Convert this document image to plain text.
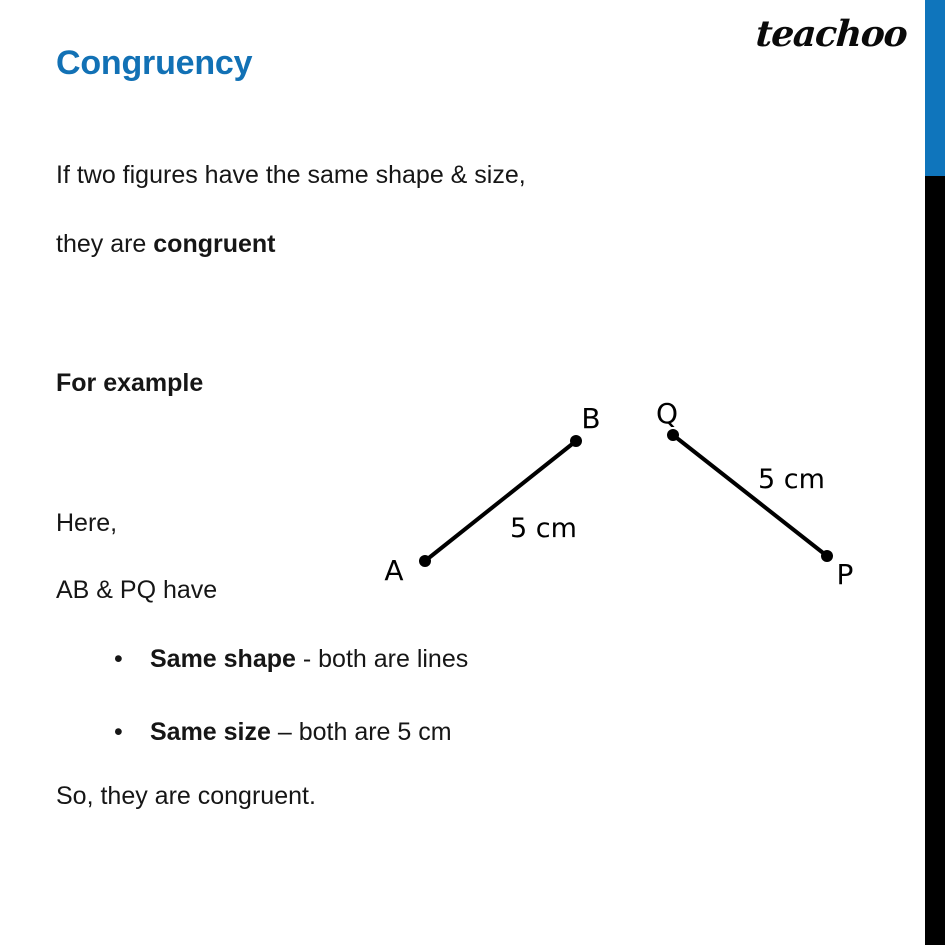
Congruency
teachoo
If two figures have the same shape & size,
they are congruent
For example
Here,
AB & PQ have
• Same shape - both are lines
• Same size – both are 5 cm
So, they are congruent.
A
B
5 cm
Q
P
5 cm
